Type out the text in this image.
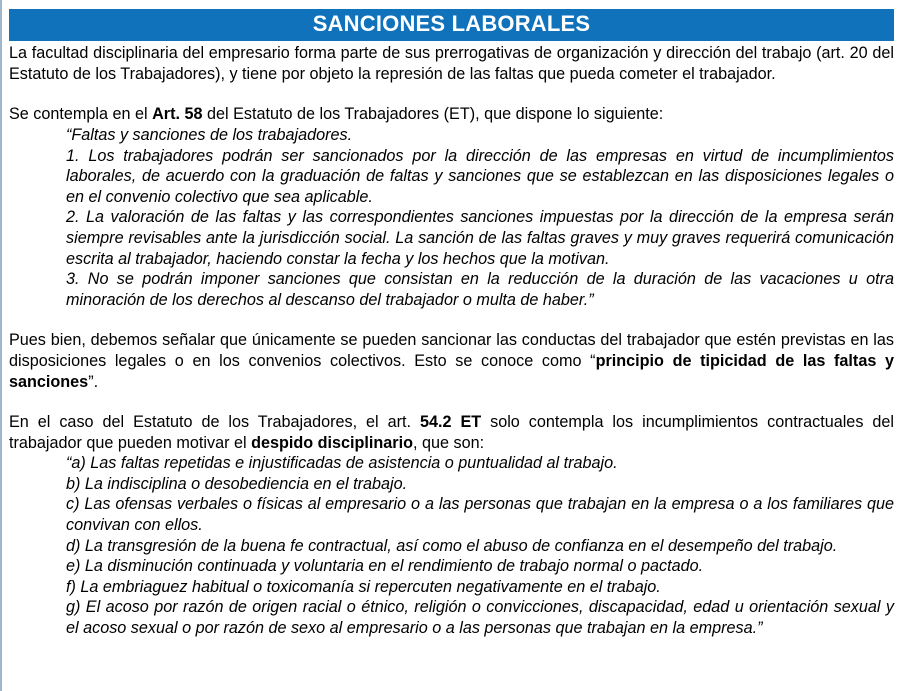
SANCIONES LABORALES

La facultad disciplinaria del empresario forma parte de sus prerrogativas de organización y dirección del trabajo (art. 20 del Estatuto de los Trabajadores), y tiene por objeto la represión de las faltas que pueda cometer el trabajador.

Se contempla en el Art. 58 del Estatuto de los Trabajadores (ET), que dispone lo siguiente:

“Faltas y sanciones de los trabajadores.

1. Los trabajadores podrán ser sancionados por la dirección de las empresas en virtud de incumplimientos laborales, de acuerdo con la graduación de faltas y sanciones que se establezcan en las disposiciones legales o en el convenio colectivo que sea aplicable.

2. La valoración de las faltas y las correspondientes sanciones impuestas por la dirección de la empresa serán siempre revisables ante la jurisdicción social. La sanción de las faltas graves y muy graves requerirá comunicación escrita al trabajador, haciendo constar la fecha y los hechos que la motivan.

3. No se podrán imponer sanciones que consistan en la reducción de la duración de las vacaciones u otra minoración de los derechos al descanso del trabajador o multa de haber.”

Pues bien, debemos señalar que únicamente se pueden sancionar las conductas del trabajador que estén previstas en las disposiciones legales o en los convenios colectivos. Esto se conoce como “principio de tipicidad de las faltas y sanciones”.

En el caso del Estatuto de los Trabajadores, el art. 54.2 ET solo contempla los incumplimientos contractuales del trabajador que pueden motivar el despido disciplinario, que son:

“a) Las faltas repetidas e injustificadas de asistencia o puntualidad al trabajo.

b) La indisciplina o desobediencia en el trabajo.

c) Las ofensas verbales o físicas al empresario o a las personas que trabajan en la empresa o a los familiares que convivan con ellos.

d) La transgresión de la buena fe contractual, así como el abuso de confianza en el desempeño del trabajo.

e) La disminución continuada y voluntaria en el rendimiento de trabajo normal o pactado.

f) La embriaguez habitual o toxicomanía si repercuten negativamente en el trabajo.

g) El acoso por razón de origen racial o étnico, religión o convicciones, discapacidad, edad u orientación sexual y el acoso sexual o por razón de sexo al empresario o a las personas que trabajan en la empresa.”
